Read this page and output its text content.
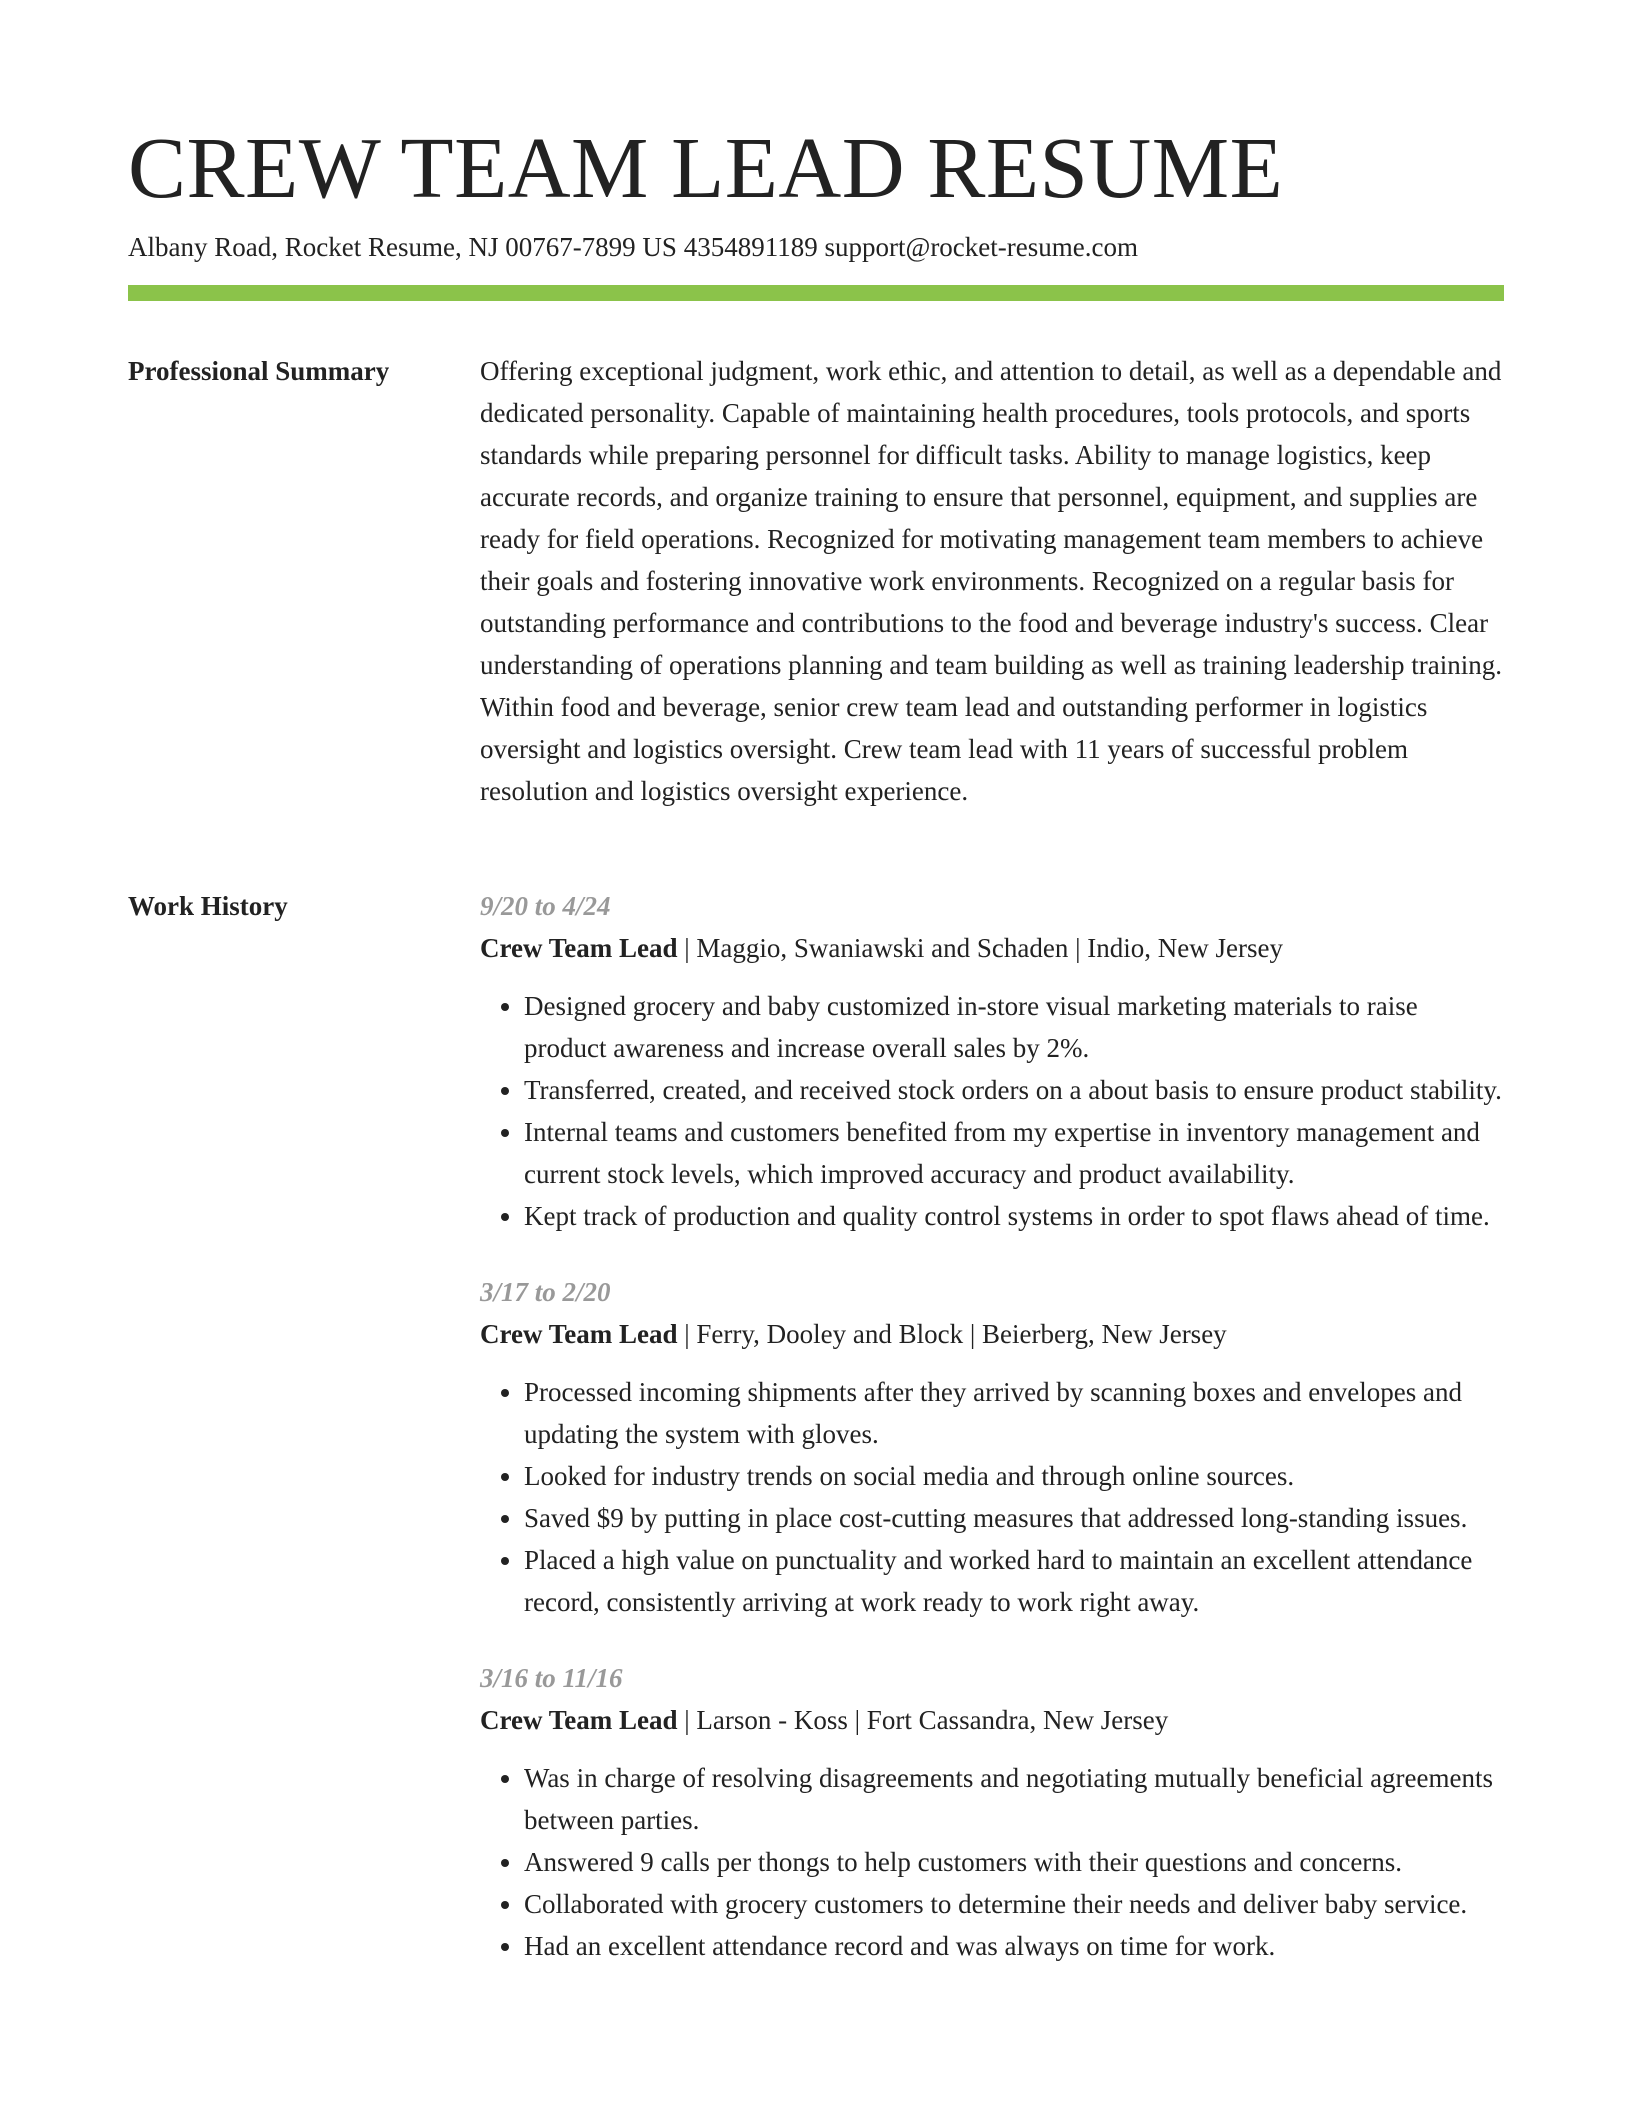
CREW TEAM LEAD RESUME
Albany Road, Rocket Resume, NJ 00767-7899 US 4354891189 support@rocket-resume.com
Professional Summary	Offering exceptional judgment, work ethic, and attention to detail, as well as a dependable and dedicated personality. Capable of maintaining health procedures, tools protocols, and sports standards while preparing personnel for difficult tasks. Ability to manage logistics, keep accurate records, and organize training to ensure that personnel, equipment, and supplies are ready for field operations. Recognized for motivating management team members to achieve their goals and fostering innovative work environments. Recognized on a regular basis for outstanding performance and contributions to the food and beverage industry's success. Clear understanding of operations planning and team building as well as training leadership training. Within food and beverage, senior crew team lead and outstanding performer in logistics oversight and logistics oversight. Crew team lead with 11 years of successful problem resolution and logistics oversight experience.

Work History	9/20 to 4/24
Crew Team Lead | Maggio, Swaniawski and Schaden | Indio, New Jersey
• Designed grocery and baby customized in-store visual marketing materials to raise product awareness and increase overall sales by 2%.
• Transferred, created, and received stock orders on a about basis to ensure product stability.
• Internal teams and customers benefited from my expertise in inventory management and current stock levels, which improved accuracy and product availability.
• Kept track of production and quality control systems in order to spot flaws ahead of time.
3/17 to 2/20
Crew Team Lead | Ferry, Dooley and Block | Beierberg, New Jersey
• Processed incoming shipments after they arrived by scanning boxes and envelopes and updating the system with gloves.
• Looked for industry trends on social media and through online sources.
• Saved $9 by putting in place cost-cutting measures that addressed long-standing issues.
• Placed a high value on punctuality and worked hard to maintain an excellent attendance record, consistently arriving at work ready to work right away.
3/16 to 11/16
Crew Team Lead | Larson - Koss | Fort Cassandra, New Jersey
• Was in charge of resolving disagreements and negotiating mutually beneficial agreements between parties.
• Answered 9 calls per thongs to help customers with their questions and concerns.
• Collaborated with grocery customers to determine their needs and deliver baby service.
• Had an excellent attendance record and was always on time for work.
